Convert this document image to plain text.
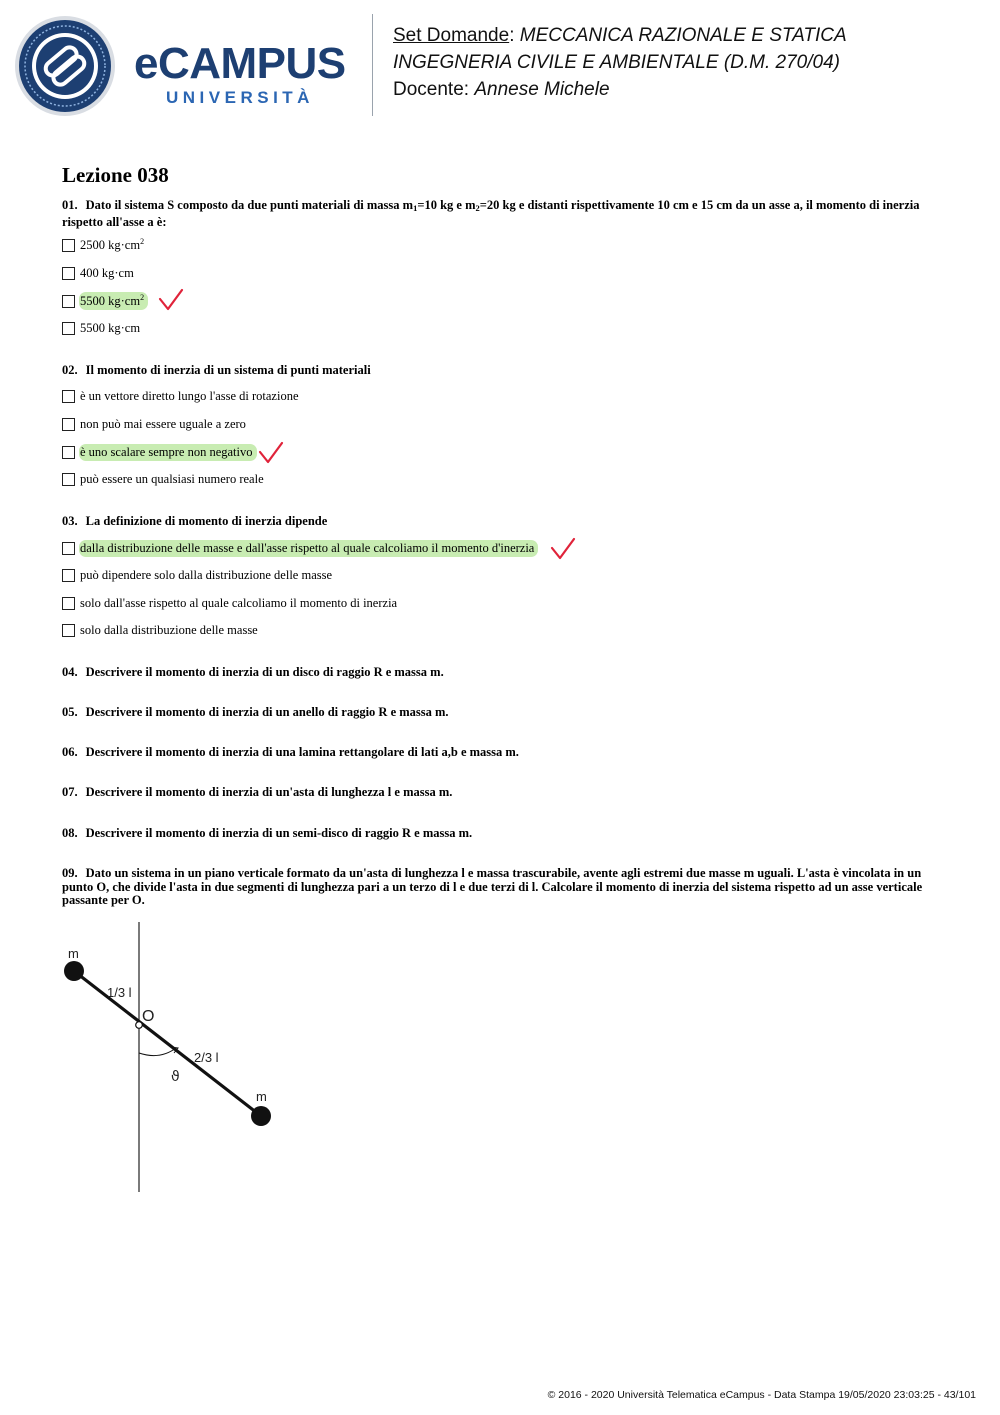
eCAMPUS
UNIVERSITÀ
Set Domande: MECCANICA RAZIONALE E STATICA
INGEGNERIA CIVILE E AMBIENTALE (D.M. 270/04)
Docente: Annese Michele
Lezione 038
01. Dato il sistema S composto da due punti materiali di massa $m_1=10$ kg e $m_2=20$ kg e distanti rispettivamente 10 cm e 15 cm da un asse a, il momento di inerzia rispetto all'asse a è:
2500 $kg\cdot cm^2$
400 kg·cm
5500 $kg\cdot cm^2$
5500 kg·cm
02. Il momento di inerzia di un sistema di punti materiali
è un vettore diretto lungo l'asse di rotazione
non può mai essere uguale a zero
è uno scalare sempre non negativo
può essere un qualsiasi numero reale
03. La definizione di momento di inerzia dipende
dalla distribuzione delle masse e dall'asse rispetto al quale calcoliamo il momento d'inerzia
può dipendere solo dalla distribuzione delle masse
solo dall'asse rispetto al quale calcoliamo il momento di inerzia
solo dalla distribuzione delle masse
04. Descrivere il momento di inerzia di un disco di raggio R e massa m.
05. Descrivere il momento di inerzia di un anello di raggio R e massa m.
06. Descrivere il momento di inerzia di una lamina rettangolare di lati a,b e massa m.
07. Descrivere il momento di inerzia di un'asta di lunghezza l e massa m.
08. Descrivere il momento di inerzia di un semi-disco di raggio R e massa m.
09. Dato un sistema in un piano verticale formato da un'asta di lunghezza l e massa trascurabile, avente agli estremi due masse m uguali. L'asta è vincolata in un punto O, che divide l'asta in due segmenti di lunghezza pari a un terzo di l e due terzi di l. Calcolare il momento di inerzia del sistema rispetto ad un asse verticale passante per O.
m
1/3 l
O
2/3 l
ϑ
m
© 2016 - 2020 Università Telematica eCampus - Data Stampa 19/05/2020 23:03:25 - 43/101
